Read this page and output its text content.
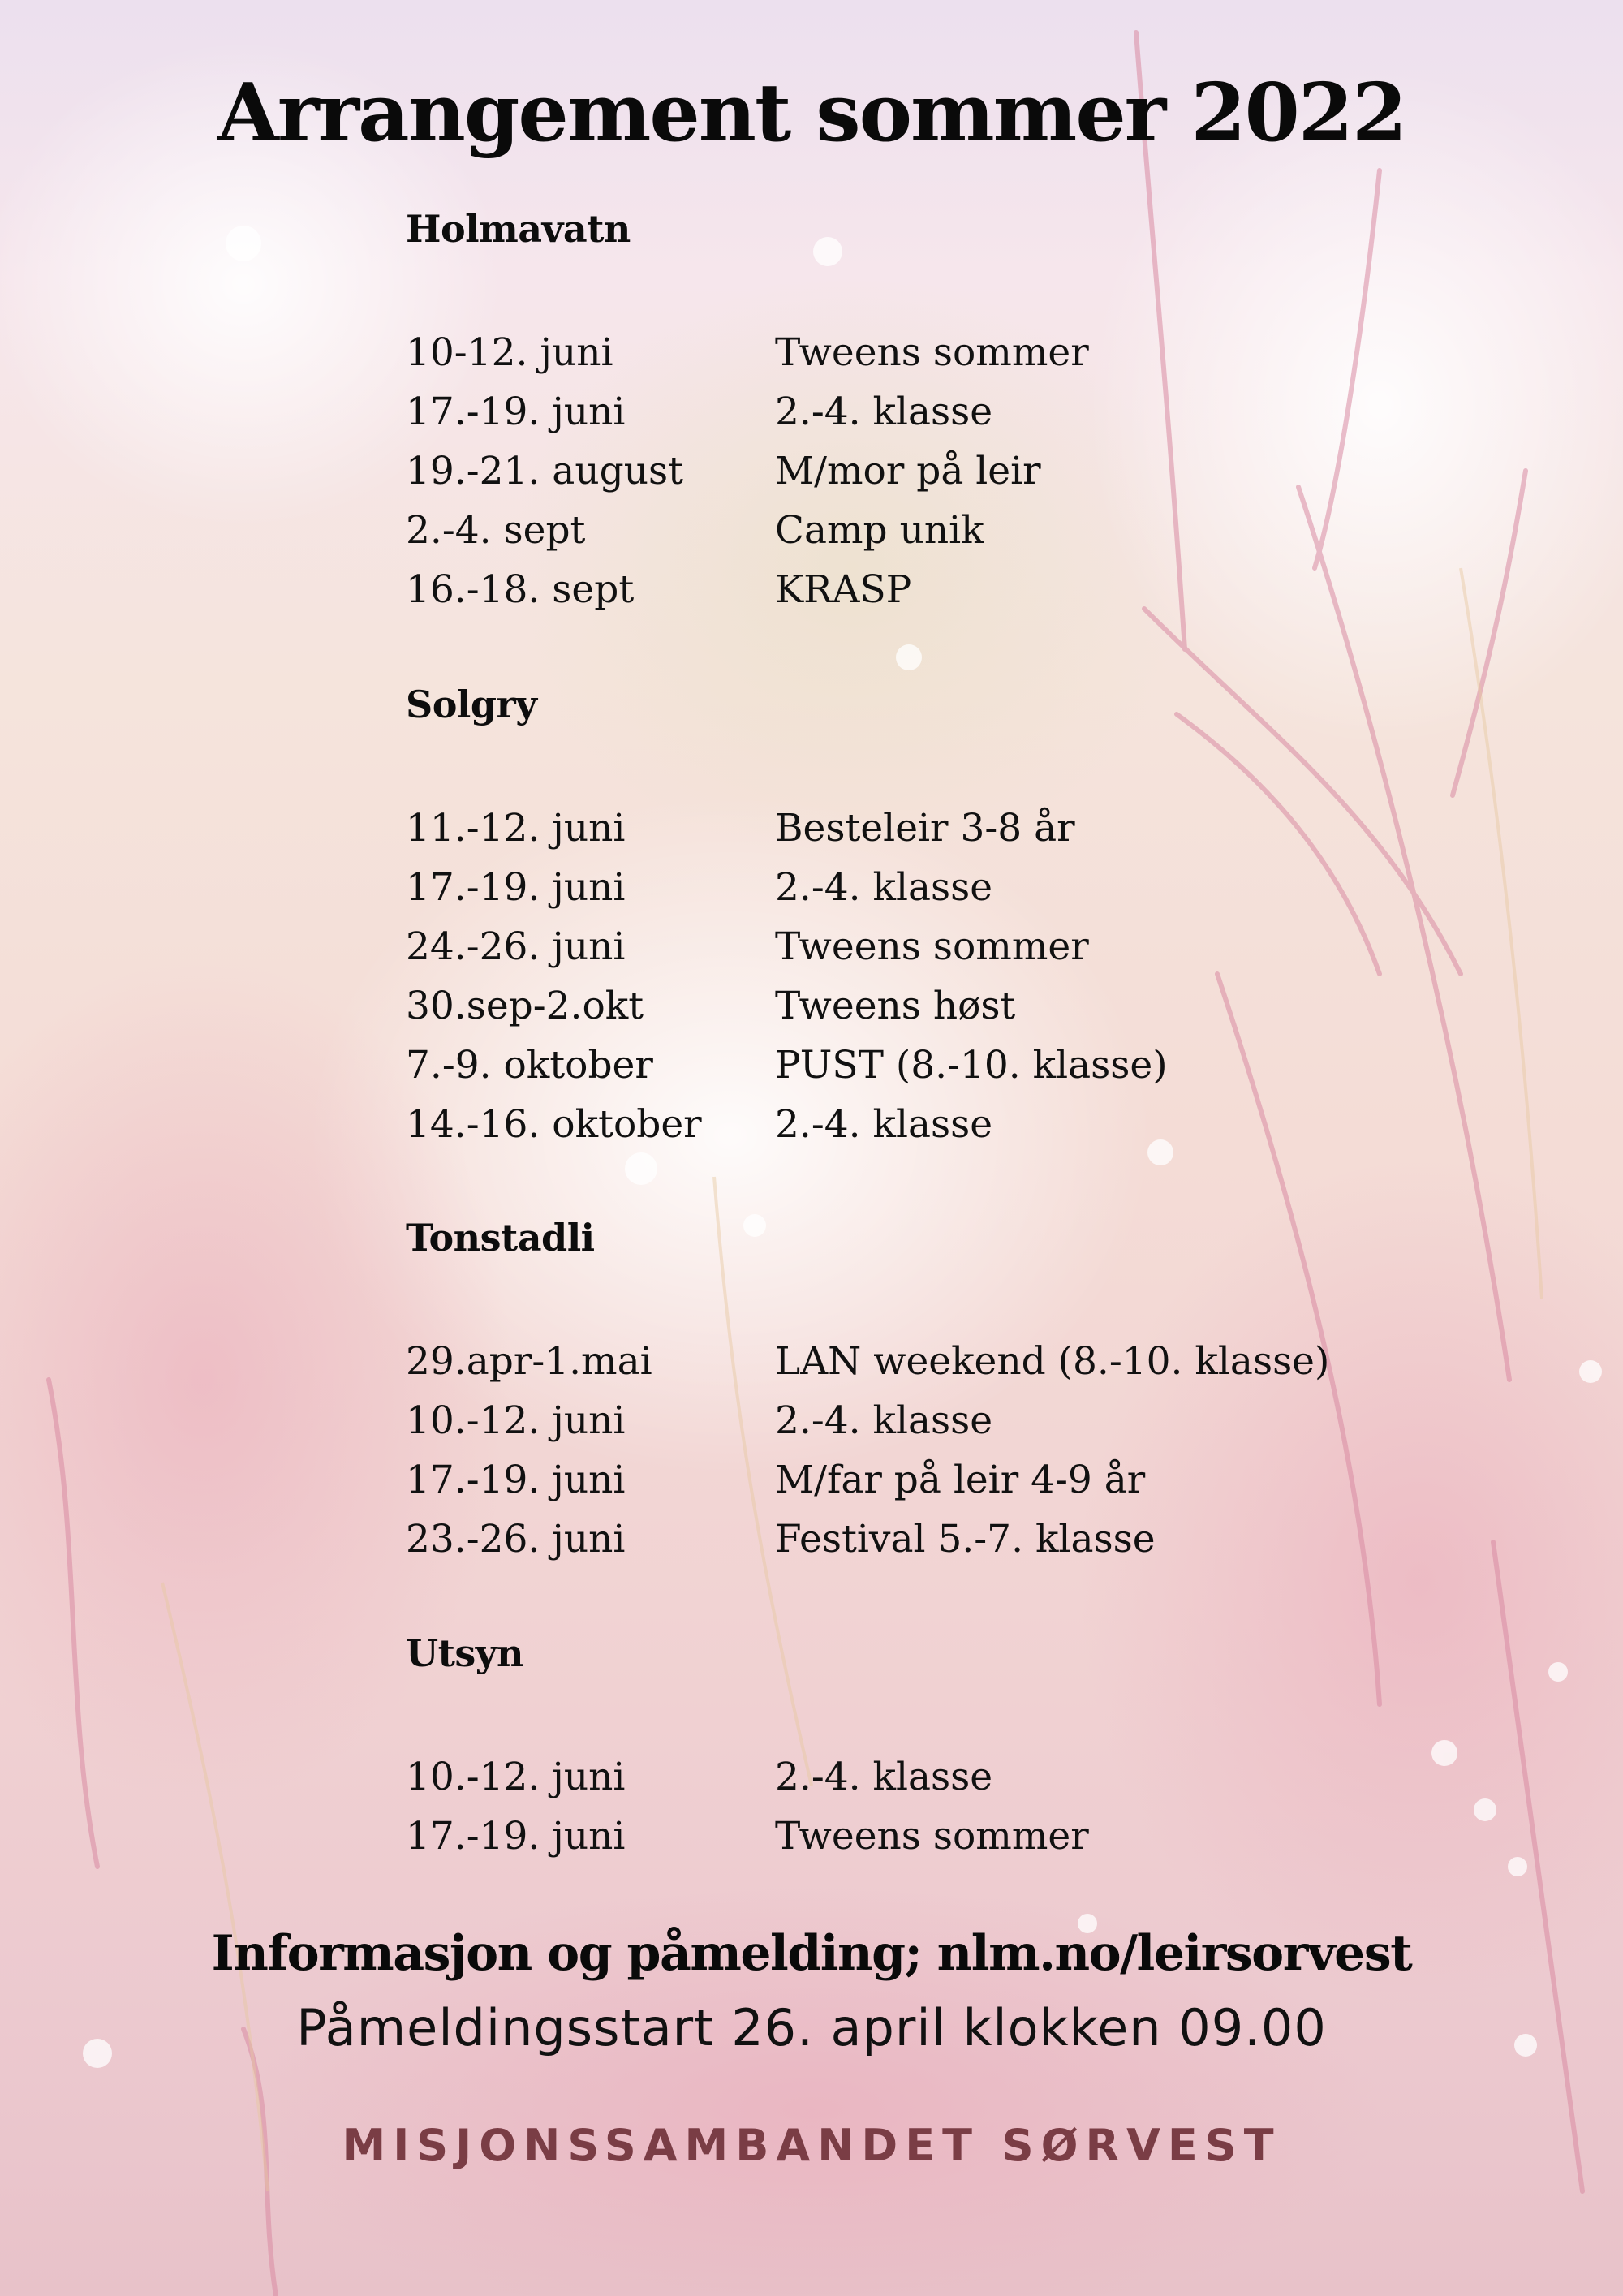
Arrangement sommer 2022
Holmavatn
10-12. juni	Tweens sommer
17.-19. juni	2.-4. klasse
19.-21. august	M/mor på leir
2.-4. sept	Camp unik
16.-18. sept	KRASP
Solgry
11.-12. juni	Besteleir 3-8 år
17.-19. juni	2.-4. klasse
24.-26. juni	Tweens sommer
30.sep-2.okt	Tweens høst
7.-9. oktober	PUST (8.-10. klasse)
14.-16. oktober	2.-4. klasse
Tonstadli
29.apr-1.mai	LAN weekend (8.-10. klasse)
10.-12. juni	2.-4. klasse
17.-19. juni	M/far på leir 4-9 år
23.-26. juni	Festival 5.-7. klasse
Utsyn
10.-12. juni	2.-4. klasse
17.-19. juni	Tweens sommer
Informasjon og påmelding; nlm.no/leirsorvest
Påmeldingsstart 26. april klokken 09.00
MISJONSSAMBANDET SØRVEST
